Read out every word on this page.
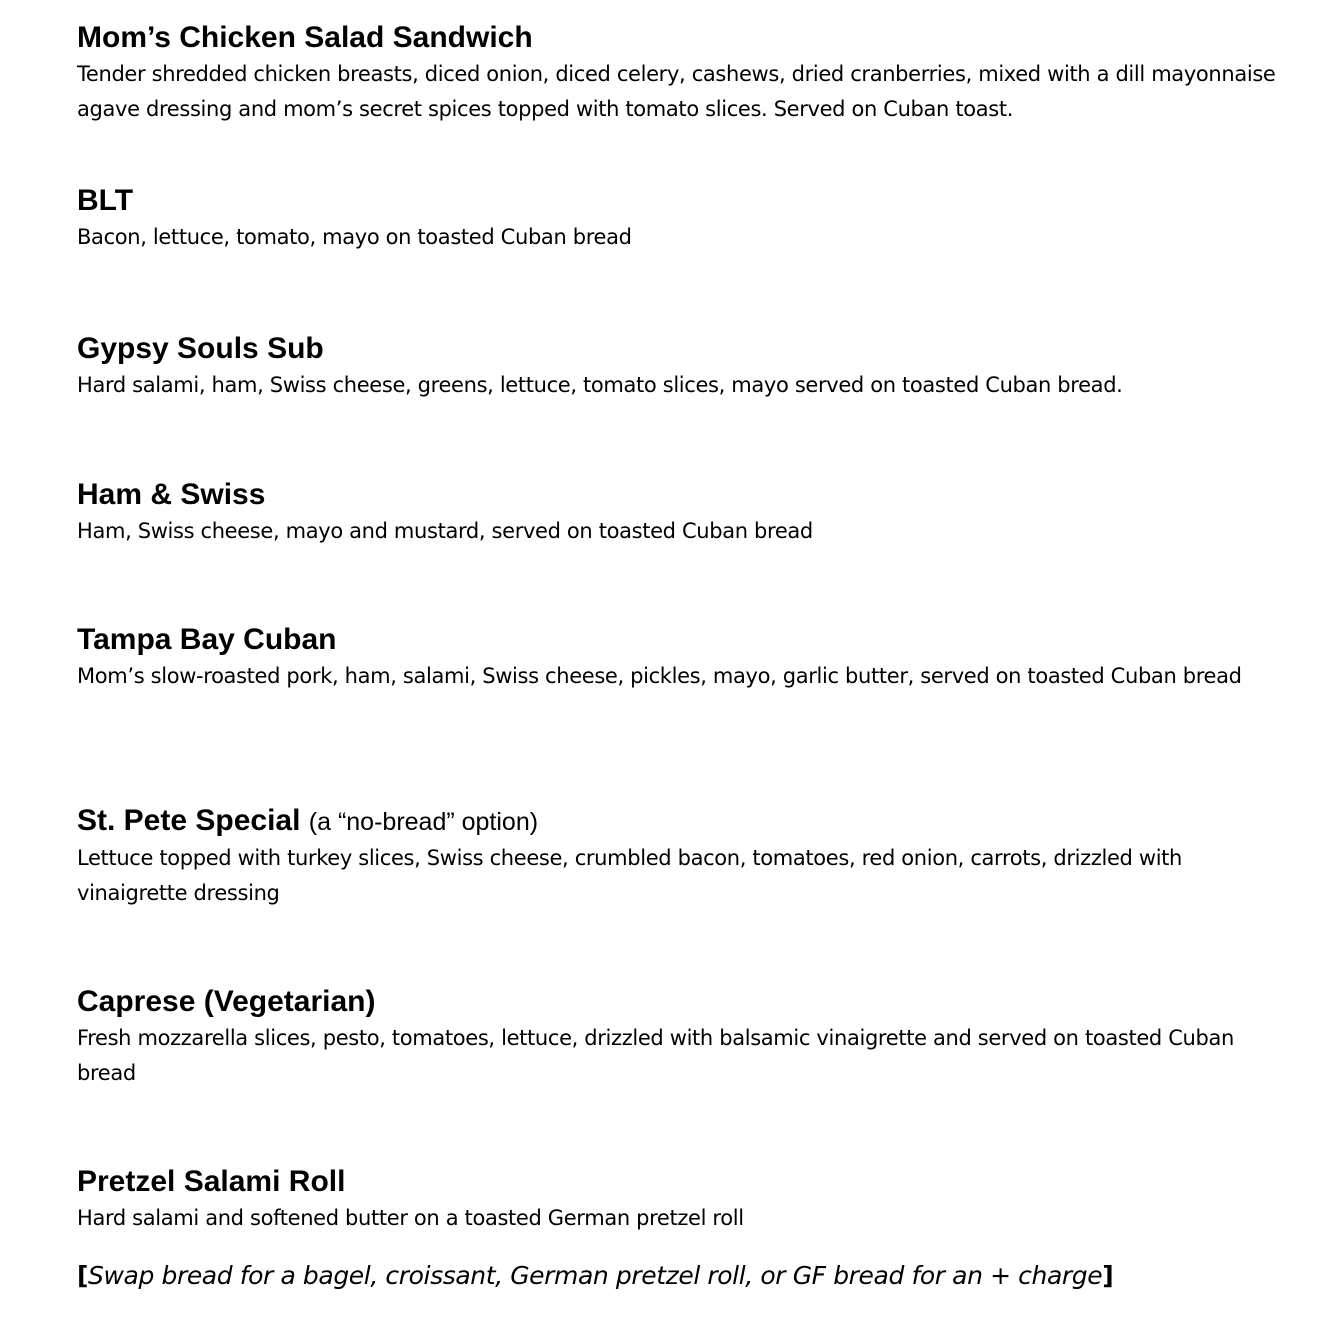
Mom’s Chicken Salad Sandwich

Tender shredded chicken breasts, diced onion, diced celery, cashews, dried cranberries, mixed with a dill mayonnaise agave dressing and mom’s secret spices topped with tomato slices. Served on Cuban toast.

BLT

Bacon, lettuce, tomato, mayo on toasted Cuban bread

Gypsy Souls Sub

Hard salami, ham, Swiss cheese, greens, lettuce, tomato slices, mayo served on toasted Cuban bread.

Ham & Swiss

Ham, Swiss cheese, mayo and mustard, served on toasted Cuban bread

Tampa Bay Cuban

Mom’s slow-roasted pork, ham, salami, Swiss cheese, pickles, mayo, garlic butter, served on toasted Cuban bread

St. Pete Special (a “no-bread” option)

Lettuce topped with turkey slices, Swiss cheese, crumbled bacon, tomatoes, red onion, carrots, drizzled with vinaigrette dressing

Caprese (Vegetarian)

Fresh mozzarella slices, pesto, tomatoes, lettuce, drizzled with balsamic vinaigrette and served on toasted Cuban bread

Pretzel Salami Roll

Hard salami and softened butter on a toasted German pretzel roll

[Swap bread for a bagel, croissant, German pretzel roll, or GF bread for an + charge]
